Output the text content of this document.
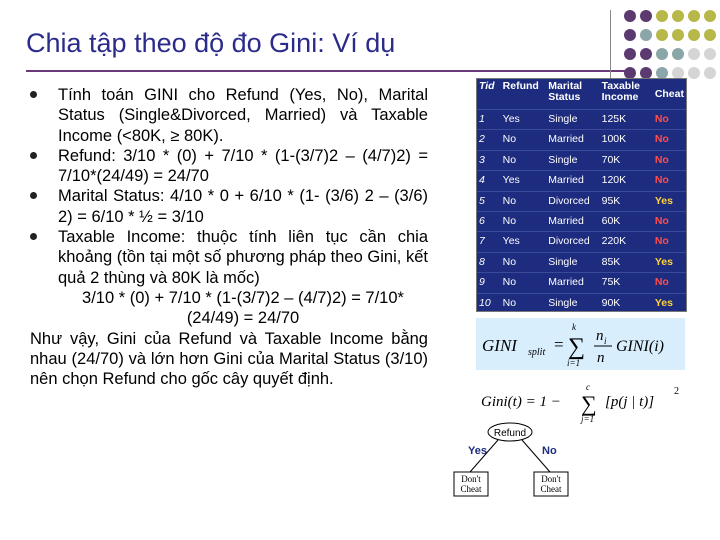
Chia tập theo độ đo Gini: Ví dụ
Tính toán GINI cho Refund (Yes, No), Marital Status (Single&Divorced, Married) và Taxable Income (<80K, ≥ 80K).
Refund: 3/10 * (0) + 7/10 * (1-(3/7)2 – (4/7)2) = 7/10*(24/49) = 24/70
Marital Status: 4/10 * 0 + 6/10 * (1- (3/6) 2 – (3/6) 2) = 6/10 * ½ = 3/10
Taxable Income: thuộc tính liên tục cần chia khoảng (tồn tại một số phương pháp theo Gini, kết quả 2 thùng và 80K là mốc)
3/10 * (0) + 7/10 * (1-(3/7)2 – (4/7)2) = 7/10*(24/49) = 24/70
Như vậy, Gini của Refund và Taxable Income bằng nhau (24/70) và lớn hơn Gini của Marital Status (3/10) nên chọn Refund cho gốc cây quyết định.
Tid	Refund	Marital Status	Taxable Income	Cheat
1	Yes	Single	125K	No
2	No	Married	100K	No
3	No	Single	70K	No
4	Yes	Married	120K	No
5	No	Divorced	95K	Yes
6	No	Married	60K	No
7	Yes	Divorced	220K	No
8	No	Single	85K	Yes
9	No	Married	75K	No
10	No	Single	90K	Yes
GINI split =
k
∑
i=1
n i
n
GINI(i)
Gini(t) = 1 −
c
∑
j=1
[p(j | t)]
2
Refund
Yes	No
Don't Cheat
Don't Cheat
